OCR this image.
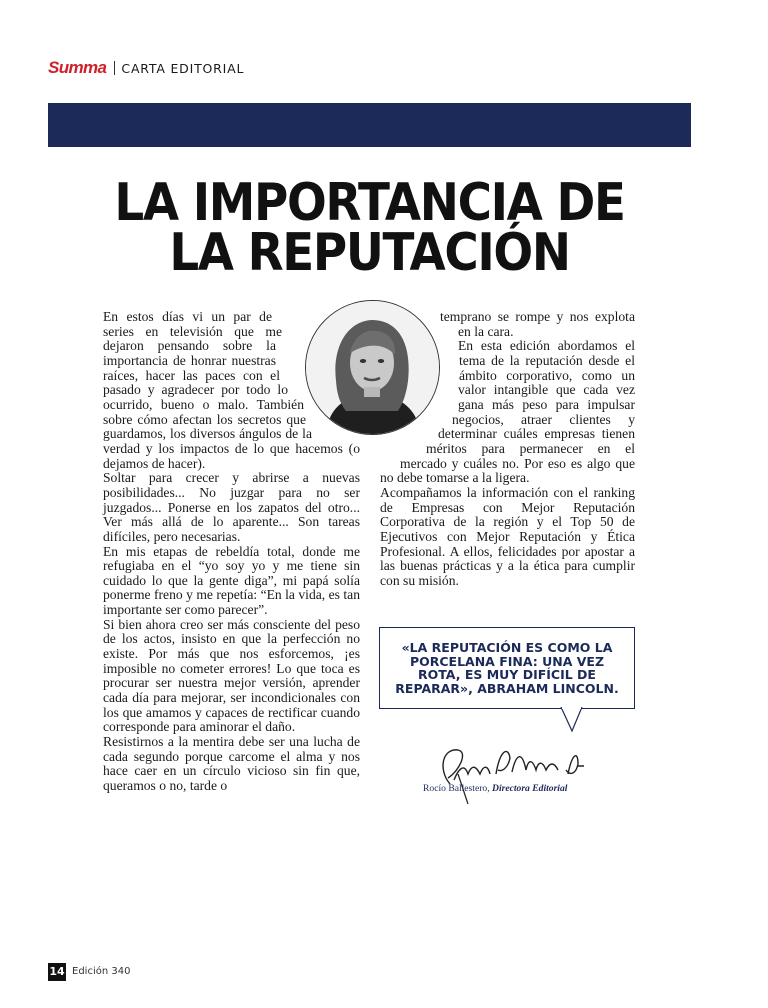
Summa CARTA EDITORIAL
LA IMPORTANCIA DE
LA REPUTACIÓN

En estos días vi un par de series en televisión que me dejaron pensando sobre la importancia de honrar nuestras raíces, hacer las paces con el pasado y agradecer por todo lo ocurrido, bueno o malo. También sobre cómo afectan los secretos que guardamos, los diversos ángulos de la verdad y los impactos de lo que hacemos (o dejamos de hacer).

Soltar para crecer y abrirse a nuevas posibilidades... No juzgar para no ser juzgados... Ponerse en los zapatos del otro... Ver más allá de lo aparente... Son tareas difíciles, pero necesarias.

En mis etapas de rebeldía total, donde me refugiaba en el “yo soy yo y me tiene sin cuidado lo que la gente diga”, mi papá solía ponerme freno y me repetía: “En la vida, es tan importante ser como parecer”.

Si bien ahora creo ser más consciente del peso de los actos, insisto en que la perfección no existe. Por más que nos esforcemos, ¡es imposible no cometer errores! Lo que toca es procurar ser nuestra mejor versión, aprender cada día para mejorar, ser incondicionales con los que amamos y capaces de rectificar cuando corresponde para aminorar el daño.

Resistirnos a la mentira debe ser una lucha de cada segundo porque carcome el alma y nos hace caer en un círculo vicioso sin fin que, queramos o no, tarde o

temprano se rompe y nos explota en la cara.

En esta edición abordamos el tema de la reputación desde el ámbito corporativo, como un valor intangible que cada vez gana más peso para impulsar negocios, atraer clientes y determinar cuáles empresas tienen méritos para permanecer en el mercado y cuáles no. Por eso es algo que no debe tomarse a la ligera.

Acompañamos la información con el ranking de Empresas con Mejor Reputación Corporativa de la región y el Top 50 de Ejecutivos con Mejor Reputación y Ética Profesional. A ellos, felicidades por apostar a las buenas prácticas y a la ética para cumplir con su misión.

«LA REPUTACIÓN ES COMO LA PORCELANA FINA: UNA VEZ ROTA, ES MUY DIFÍCIL DE REPARAR», ABRAHAM LINCOLN.
Rocío Ballestero, Directora Editorial
14 Edición 340
